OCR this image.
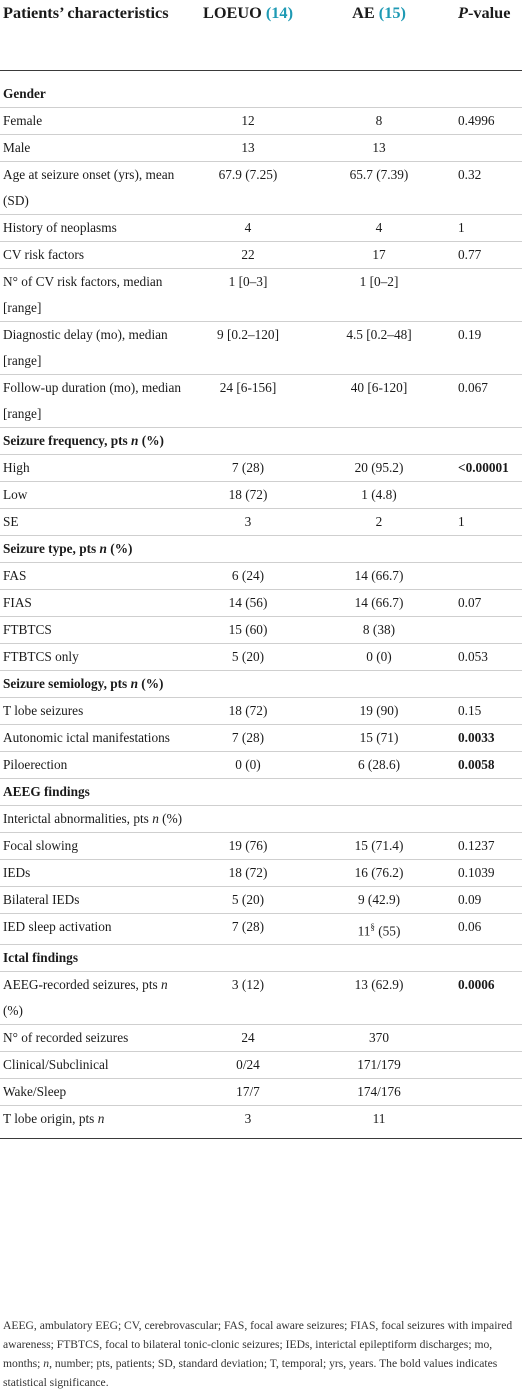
Patients’ characteristics	LOEUO (14)	AE (15)	P-value
Gender			
Female	12	8	0.4996
Male	13	13	
Age at seizure onset (yrs), mean (SD)	67.9 (7.25)	65.7 (7.39)	0.32
History of neoplasms	4	4	1
CV risk factors	22	17	0.77
N° of CV risk factors, median [range]	1 [0–3]	1 [0–2]	
Diagnostic delay (mo), median [range]	9 [0.2–120]	4.5 [0.2–48]	0.19
Follow-up duration (mo), median [range]	24 [6-156]	40 [6-120]	0.067
Seizure frequency, pts n (%)			
High	7 (28)	20 (95.2)	<0.00001
Low	18 (72)	1 (4.8)	
SE	3	2	1
Seizure type, pts n (%)			
FAS	6 (24)	14 (66.7)	
FIAS	14 (56)	14 (66.7)	0.07
FTBTCS	15 (60)	8 (38)	
FTBTCS only	5 (20)	0 (0)	0.053
Seizure semiology, pts n (%)			
T lobe seizures	18 (72)	19 (90)	0.15
Autonomic ictal manifestations	7 (28)	15 (71)	0.0033
Piloerection	0 (0)	6 (28.6)	0.0058
AEEG findings			
Interictal abnormalities, pts n (%)			
Focal slowing	19 (76)	15 (71.4)	0.1237
IEDs	18 (72)	16 (76.2)	0.1039
Bilateral IEDs	5 (20)	9 (42.9)	0.09
IED sleep activation	7 (28)	11§ (55)	0.06
Ictal findings			
AEEG-recorded seizures, pts n (%)	3 (12)	13 (62.9)	0.0006
N° of recorded seizures	24	370	
Clinical/Subclinical	0/24	171/179	
Wake/Sleep	17/7	174/176	
T lobe origin, pts n	3	11	

AEEG, ambulatory EEG; CV, cerebrovascular; FAS, focal aware seizures; FIAS, focal seizures with impaired awareness; FTBTCS, focal to bilateral tonic-clonic seizures; IEDs, interictal epileptiform discharges; mo, months; n, number; pts, patients; SD, standard deviation; T, temporal; yrs, years. The bold values indicates statistical significance.
